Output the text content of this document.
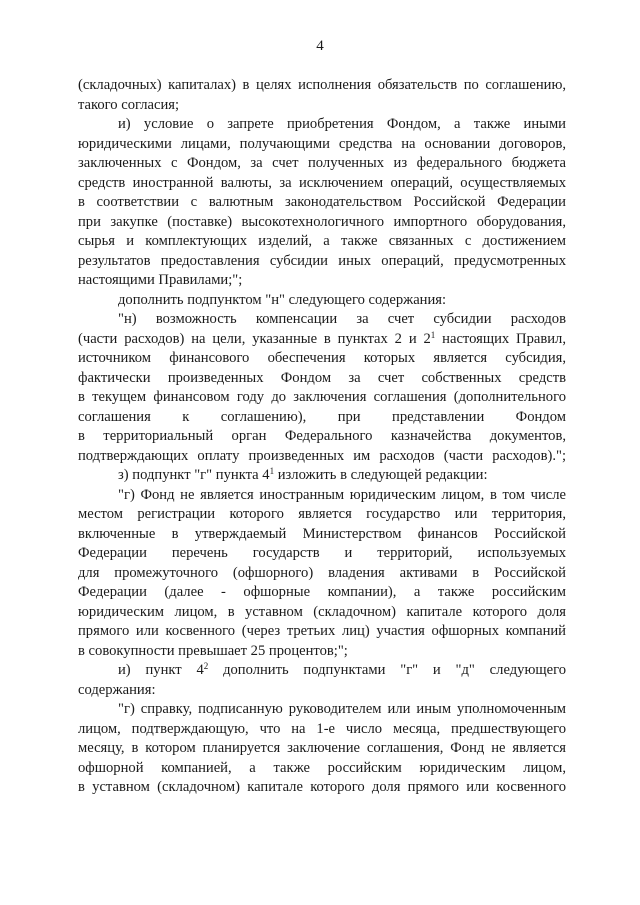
4
(складочных) капиталах) в целях исполнения обязательств по соглашению,
такого согласия;
и) условие о запрете приобретения Фондом, а также иными
юридическими лицами, получающими средства на основании договоров,
заключенных с Фондом, за счет полученных из федерального бюджета
средств иностранной валюты, за исключением операций, осуществляемых
в соответствии с валютным законодательством Российской Федерации
при закупке (поставке) высокотехнологичного импортного оборудования,
сырья и комплектующих изделий, а также связанных с достижением
результатов предоставления субсидии иных операций, предусмотренных
настоящими Правилами;";
дополнить подпунктом "н" следующего содержания:
"н) возможность компенсации за счет субсидии расходов
(части расходов) на цели, указанные в пунктах 2 и $2^1$ настоящих Правил,
источником финансового обеспечения которых является субсидия,
фактически произведенных Фондом за счет собственных средств
в текущем финансовом году до заключения соглашения (дополнительного
соглашения к соглашению), при представлении Фондом
в территориальный орган Федерального казначейства документов,
подтверждающих оплату произведенных им расходов (части расходов).";
з) подпункт "г" пункта $4^1$ изложить в следующей редакции:
"г) Фонд не является иностранным юридическим лицом, в том числе
местом регистрации которого является государство или территория,
включенные в утверждаемый Министерством финансов Российской
Федерации перечень государств и территорий, используемых
для промежуточного (офшорного) владения активами в Российской
Федерации (далее - офшорные компании), а также российским
юридическим лицом, в уставном (складочном) капитале которого доля
прямого или косвенного (через третьих лиц) участия офшорных компаний
в совокупности превышает 25 процентов;";
и) пункт $4^2$ дополнить подпунктами "г" и "д" следующего
содержания:
"г) справку, подписанную руководителем или иным уполномоченным
лицом, подтверждающую, что на 1-е число месяца, предшествующего
месяцу, в котором планируется заключение соглашения, Фонд не является
офшорной компанией, а также российским юридическим лицом,
в уставном (складочном) капитале которого доля прямого или косвенного
